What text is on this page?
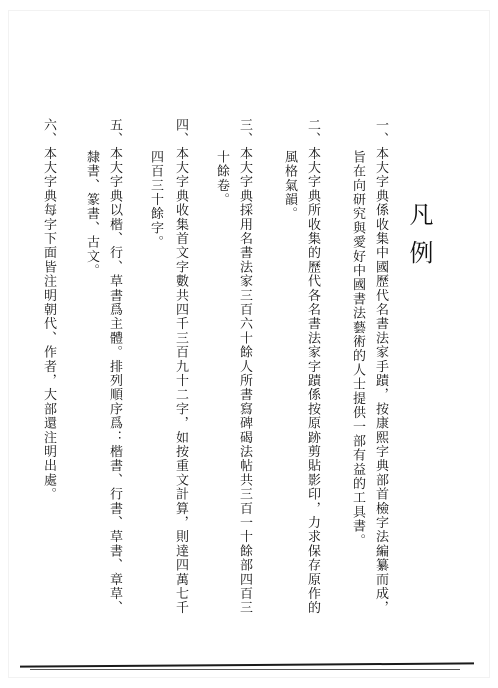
凡例
一、本大字典係收集中國歷代名書法家手蹟，按康熙字典部首檢字法編纂而成，
旨在向研究與愛好中國書法藝術的人士提供一部有益的工具書。
二、本大字典所收集的歷代各名書法家字蹟係按原跡剪貼影印，力求保存原作的
風格氣韻。
三、本大字典採用名書法家三百六十餘人所書寫碑碣法帖共三百一十餘部四百三
十餘卷。
四、本大字典收集首文字數共四千三百九十二字，如按重文計算，則達四萬七千
四百三十餘字。
五、本大字典以楷、行、草書爲主體。排列順序爲：楷書、行書、草書、章草、
隸書、篆書、古文。
六、本大字典每字下面皆注明朝代、作者，大部還注明出處。
